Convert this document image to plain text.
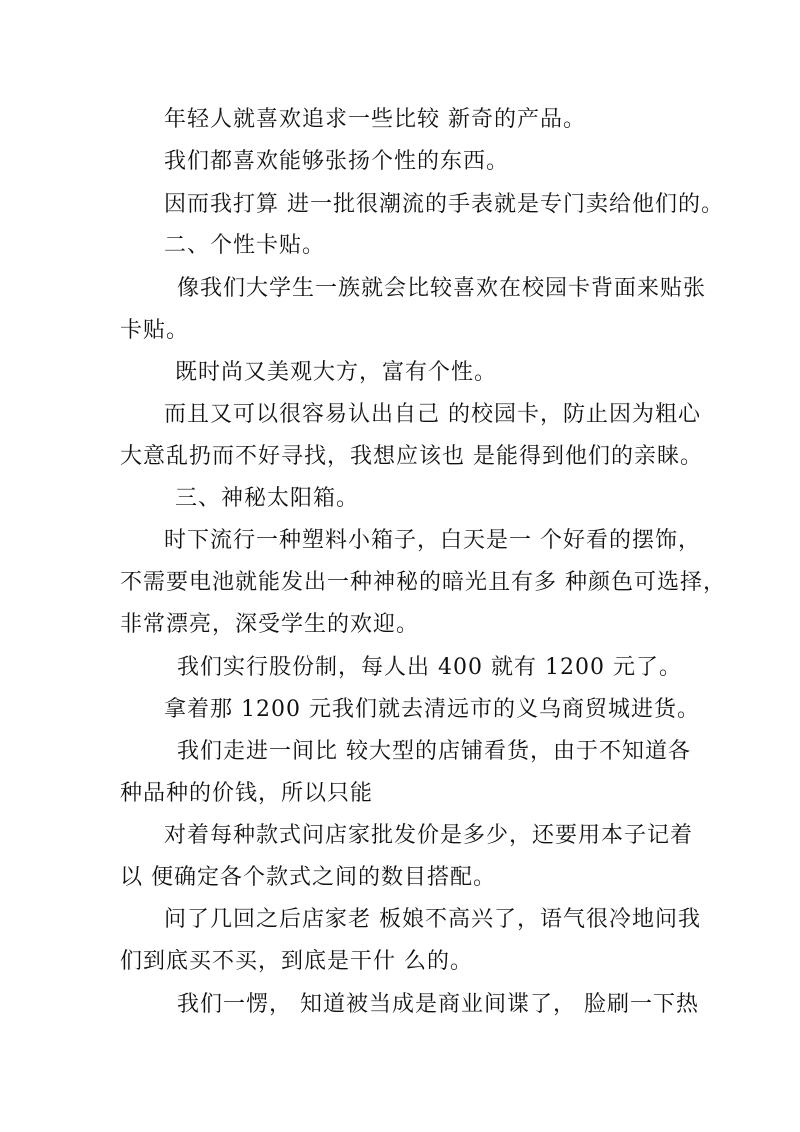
年轻人就喜欢追求一些比较 新奇的产品。
我们都喜欢能够张扬个性的东西。
因而我打算 进一批很潮流的手表就是专门卖给他们的。
二、个性卡贴。
像我们大学生一族就会比较喜欢在校园卡背面来贴张
卡贴。
既时尚又美观大方，富有个性。
而且又可以很容易认出自己 的校园卡，防止因为粗心
大意乱扔而不好寻找，我想应该也 是能得到他们的亲睐。
三、神秘太阳箱。
时下流行一种塑料小箱子，白天是一 个好看的摆饰，
不需要电池就能发出一种神秘的暗光且有多 种颜色可选择，
非常漂亮，深受学生的欢迎。
我们实行股份制，每人出 400 就有 1200 元了。
拿着那 1200 元我们就去清远市的义乌商贸城进货。
我们走进一间比 较大型的店铺看货，由于不知道各
种品种的价钱，所以只能
对着每种款式问店家批发价是多少，还要用本子记着
以 便确定各个款式之间的数目搭配。
问了几回之后店家老 板娘不高兴了，语气很冷地问我
们到底买不买，到底是干什 么的。
我们一愣， 知道被当成是商业间谍了， 脸刷一下热
